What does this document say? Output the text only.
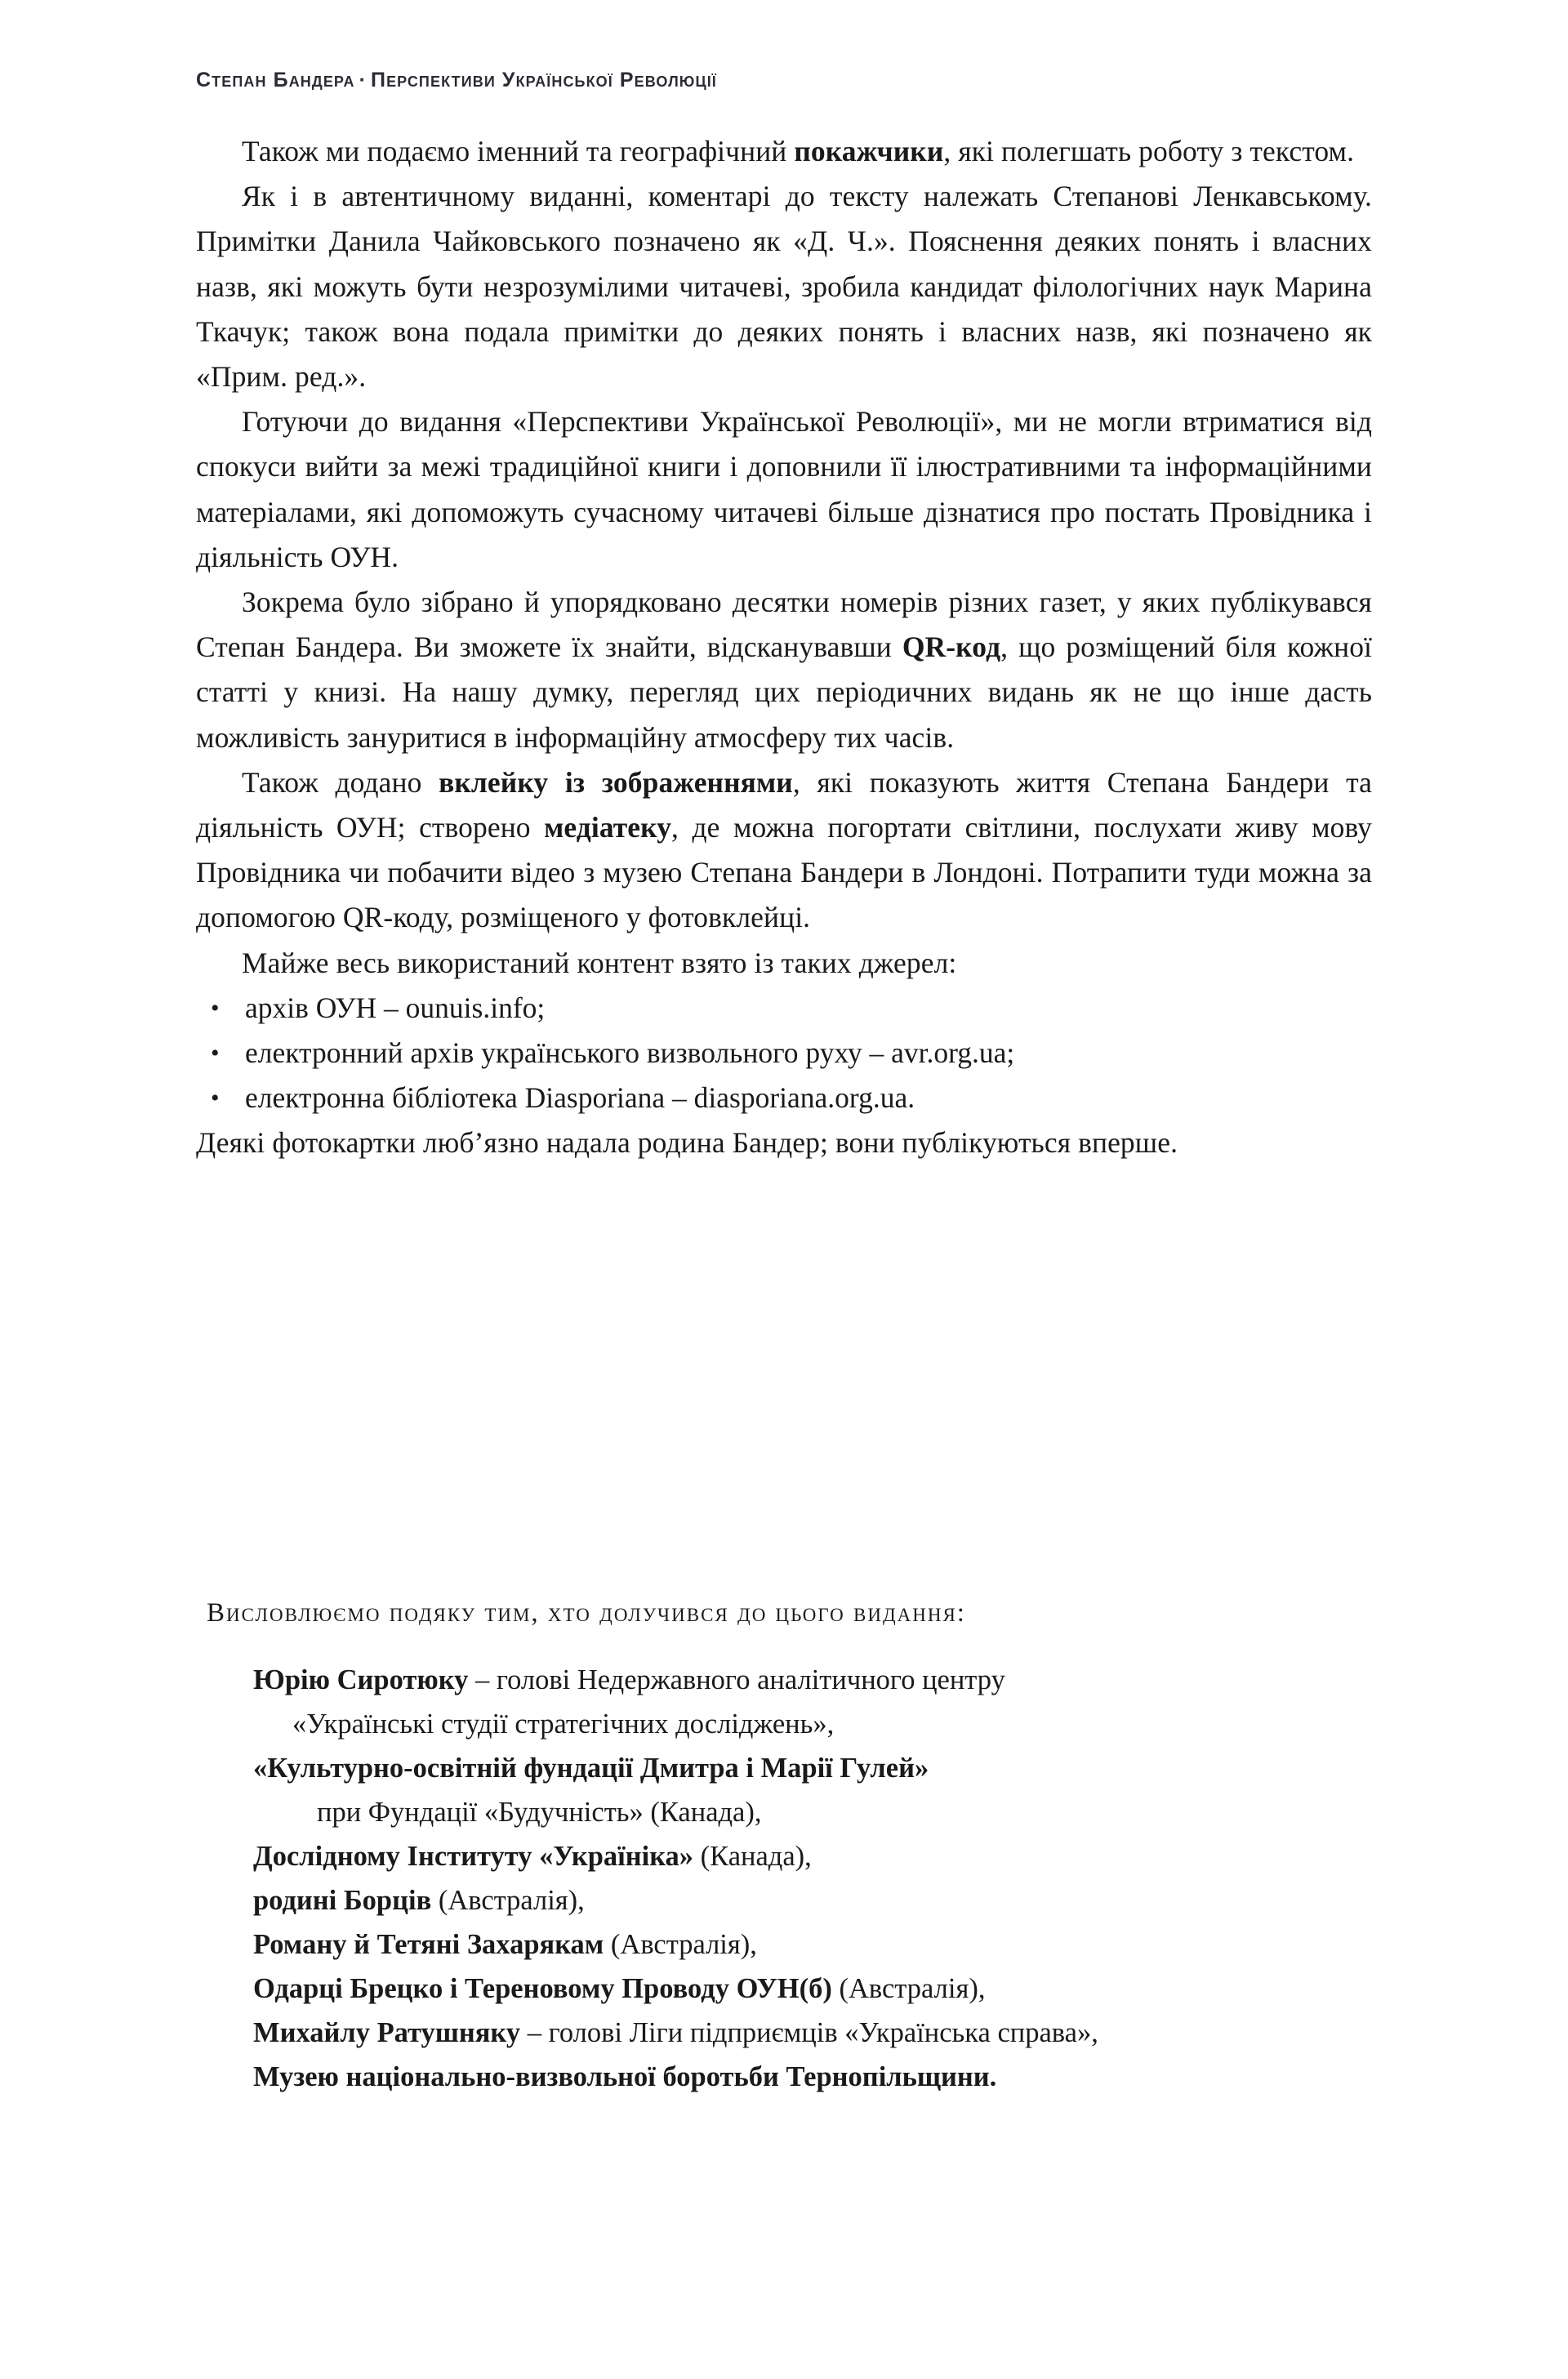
Степан Бандера · Перспективи Української Революції

Також ми подаємо іменний та географічний покажчики, які полегшать роботу з текстом.

Як і в автентичному виданні, коментарі до тексту належать Степанові Ленкавському. Примітки Данила Чайковського позначено як «Д. Ч.». Пояснення деяких понять і власних назв, які можуть бути незрозумілими читачеві, зробила кандидат філологічних наук Марина Ткачук; також вона подала примітки до деяких понять і власних назв, які позначено як «Прим. ред.».

Готуючи до видання «Перспективи Української Революції», ми не могли втриматися від спокуси вийти за межі традиційної книги і доповнили її ілюстративними та інформаційними матеріалами, які допоможуть сучасному читачеві більше дізнатися про постать Провідника і діяльність ОУН.

Зокрема було зібрано й упорядковано десятки номерів різних газет, у яких публікувався Степан Бандера. Ви зможете їх знайти, відсканувавши QR-код, що розміщений біля кожної статті у книзі. На нашу думку, перегляд цих періодичних видань як не що інше дасть можливість зануритися в інформаційну атмосферу тих часів.

Також додано вклейку із зображеннями, які показують життя Степана Бандери та діяльність ОУН; створено медіатеку, де можна погортати світлини, послухати живу мову Провідника чи побачити відео з музею Степана Бандери в Лондоні. Потрапити туди можна за допомогою QR-коду, розміщеного у фотовклейці.

Майже весь використаний контент взято із таких джерел:

• архів ОУН – ounuis.info;
• електронний архів українського визвольного руху – avr.org.ua;
• електронна бібліотека Diasporiana – diasporiana.org.ua.

Деякі фотокартки люб’язно надала родина Бандер; вони публікуються вперше.

Висловлюємо подяку тим, хто долучився до цього видання:
Юрію Сиротюку – голові Недержавного аналітичного центру
«Українські студії стратегічних досліджень»,
«Культурно-освітній фундації Дмитра і Марії Гулей»
при Фундації «Будучність» (Канада),
Дослідному Інституту «Україніка» (Канада),
родині Борців (Австралія),
Роману й Тетяні Захарякам (Австралія),
Одарці Брецко і Тереновому Проводу ОУН(б) (Австралія),
Михайлу Ратушняку – голові Ліги підприємців «Українська справа»,
Музею національно-визвольної боротьби Тернопільщини.
